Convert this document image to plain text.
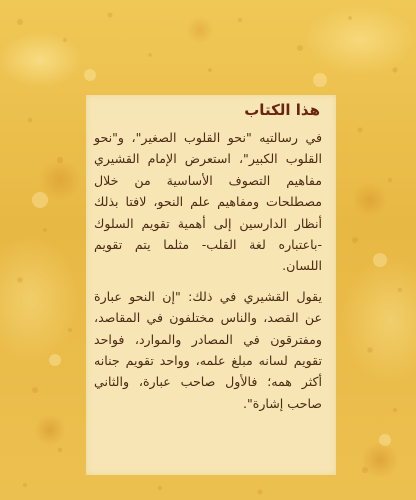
هذا الكتاب

في رسالتيه "نحو القلوب الصغير"، و"نحو القلوب الكبير"، استعرض الإمام القشيري مفاهيم التصوف الأساسية من خلال مصطلحات ومفاهيم علم النحو، لافتا بذلك أنظار الدارسين إلى أهمية تقويم السلوك -باعتباره لغة القلب- مثلما يتم تقويم اللسان.

يقول القشيري في ذلك: "إن النحو عبارة عن القصد، والناس مختلفون في المقاصد، ومفترقون في المصادر والموارد، فواحد تقويم لسانه مبلغ علمه، وواحد تقويم جنانه أكثر همه؛ فالأول صاحب عبارة، والثاني صاحب إشارة".
